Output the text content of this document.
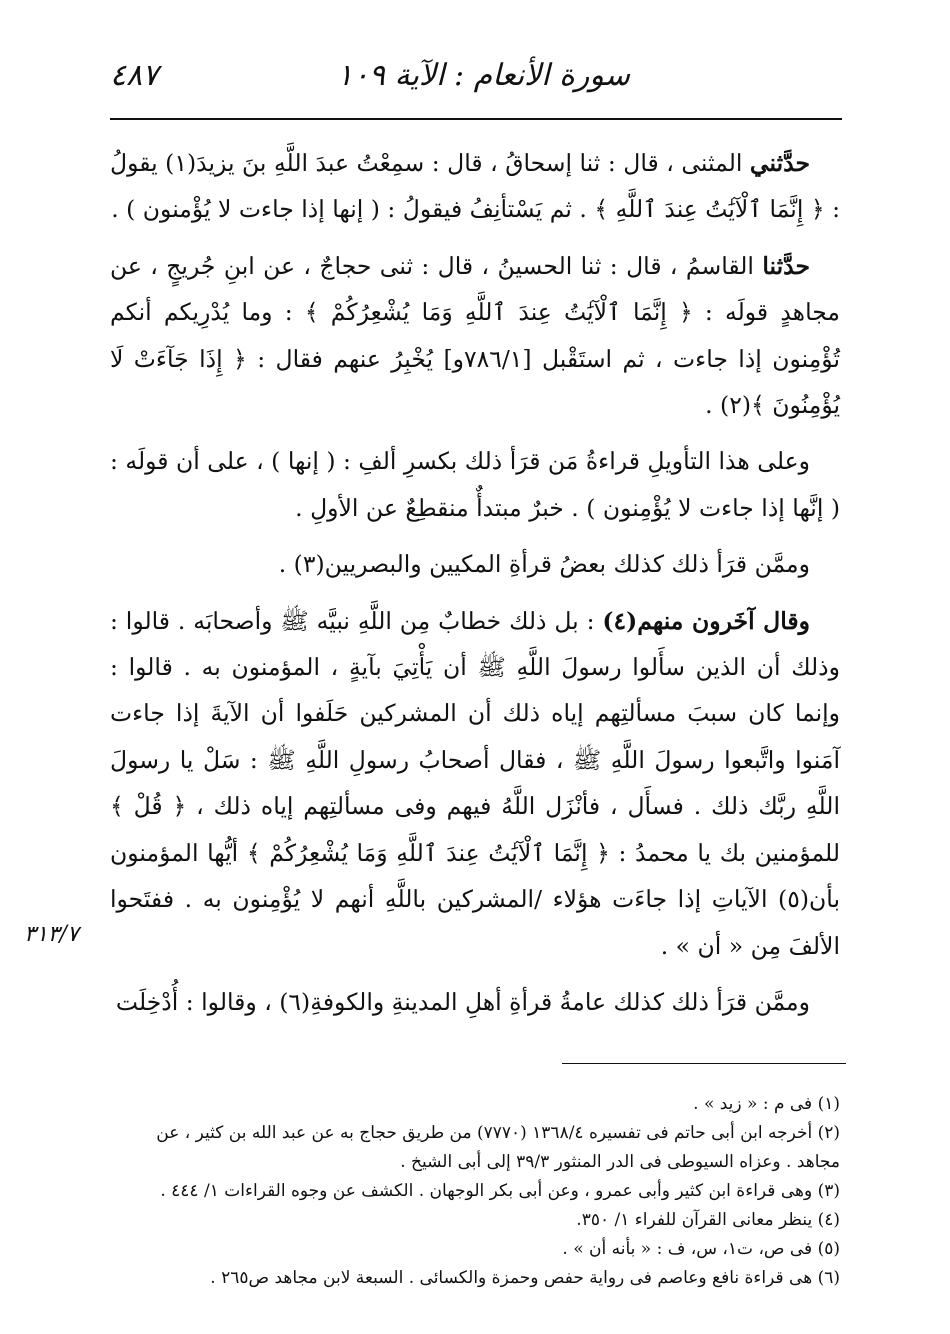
سورة الأنعام : الآية ١٠٩
٤٨٧

حدَّثني المثنى ، قال : ثنا إسحاقُ ، قال : سمِعْتُ عبدَ اللَّهِ بنَ يزيدَ(١) يقولُ : ﴿ إِنَّمَا ٱلْآيَٰتُ عِندَ ٱللَّهِ ﴾ . ثم يَسْتأنِفُ فيقولُ : ( إنها إذا جاءت لا يُؤْمنون ) .

حدَّثنا القاسمُ ، قال : ثنا الحسينُ ، قال : ثنى حجاجٌ ، عن ابنِ جُريجٍ ، عن مجاهدٍ قولَه : ﴿ إِنَّمَا ٱلْآيَٰتُ عِندَ ٱللَّهِ وَمَا يُشْعِرُكُمْ ﴾ : وما يُدْرِيكم أنكم تُؤْمِنون إذا جاءت ، ثم استَقْبل [٧٨٦/١و] يُخْبِرُ عنهم فقال : ﴿ إِذَا جَآءَتْ لَا يُؤْمِنُونَ ﴾(٢) .

وعلى هذا التأويلِ قراءةُ مَن قرَأ ذلك بكسرِ ألفِ : ( إنها ) ، على أن قولَه : ( إنَّها إذا جاءت لا يُؤْمِنون ) . خبرٌ مبتدأٌ منقطِعٌ عن الأولِ .

وممَّن قرَأ ذلك كذلك بعضُ قرأةِ المكيين والبصريين(٣) .

وقال آخَرون منهم(٤) : بل ذلك خطابٌ مِن اللَّهِ نبيَّه ﷺ وأصحابَه . قالوا : وذلك أن الذين سأَلوا رسولَ اللَّهِ ﷺ أن يَأْتِيَ بآيةٍ ، المؤمنون به . قالوا : وإنما كان سببَ مسألتِهم إياه ذلك أن المشركين حَلَفوا أن الآيةَ إذا جاءت آمَنوا واتَّبعوا رسولَ اللَّهِ ﷺ ، فقال أصحابُ رسولِ اللَّهِ ﷺ : سَلْ يا رسولَ اللَّهِ ربَّك ذلك . فسأَل ، فأنْزَل اللَّهُ فيهم وفى مسألتِهم إياه ذلك ، ﴿ قُلْ ﴾ للمؤمنين بك يا محمدُ : ﴿ إِنَّمَا ٱلْآيَٰتُ عِندَ ٱللَّهِ وَمَا يُشْعِرُكُمْ ﴾ أيُّها المؤمنون بأن(٥) الآياتِ إذا جاءَت هؤلاء /المشركين باللَّهِ أنهم لا يُؤْمِنون به . ففتَحوا الألفَ مِن « أن » .

وممَّن قرَأ ذلك كذلك عامةُ قرأةِ أهلِ المدينةِ والكوفةِ(٦) ، وقالوا : أُدْخِلَت

٣١٣/٧

(١) فى م : « زيد » .

(٢) أخرجه ابن أبى حاتم فى تفسيره ١٣٦٨/٤ (٧٧٧٠) من طريق حجاج به عن عبد الله بن كثير ، عن

مجاهد . وعزاه السيوطى فى الدر المنثور ٣٩/٣ إلى أبى الشيخ .

(٣) وهى قراءة ابن كثير وأبى عمرو ، وعن أبى بكر الوجهان . الكشف عن وجوه القراءات ١/ ٤٤٤ .

(٤) ينظر معانى القرآن للفراء ١/ ٣٥٠.

(٥) فى ص، ت١، س، ف : « بأنه أن » .

(٦) هى قراءة نافع وعاصم فى رواية حفص وحمزة والكسائى . السبعة لابن مجاهد ص٢٦٥ .
